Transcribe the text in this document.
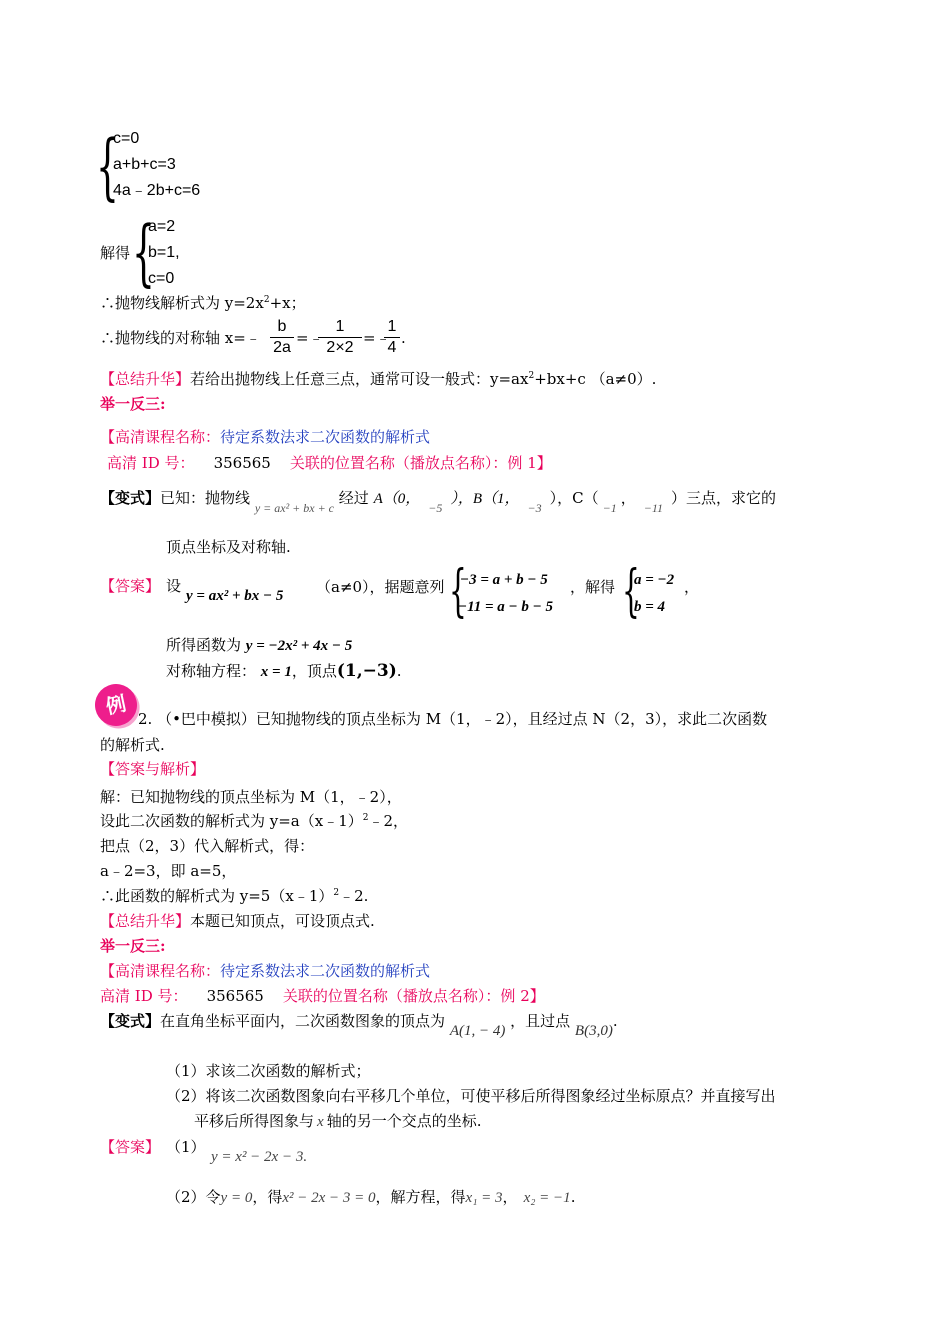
{
c=0
a+b+c=3
4a﹣2b+c=6
解得 {
a=2
b=1,
c=0
∴抛物线解析式为 $y=2x^2+x$；
∴抛物线的对称轴 x=﹣
b
2a
=﹣
1
2×2
=﹣
1
4
.
【总结升华】若给出抛物线上任意三点，通常可设一般式：$y=ax^2+bx+c$ （a≠0）.
举一反三:
【高清课程名称：待定系数法求二次函数的解析式
高清 ID 号： 356565 关联的位置名称（播放点名称）：例 1】
【变式】已知：抛物线 $_{y = ax^2 + bx + c}$ 经过 A（0，$_{-5}$），B（1，$_{-3}$），$C(_{-1}$，$_{-11}$）三点，求它的
顶点坐标及对称轴.
【答案】 设
y = ax² + bx − 5 （a≠0），据题意列 {
−3 = a + b − 5
−11 = a − b − 5
，解得 {
a = −2
b = 4
，
所得函数为 y = −2x² + 4x − 5
对称轴方程： x = 1，顶点(1,−3).
例
2. （•巴中模拟）已知抛物线的顶点坐标为 M（1，﹣2），且经过点 N（2，3），求此二次函数
的解析式.
【答案与解析】
解：已知抛物线的顶点坐标为 M（1，﹣2），
设此二次函数的解析式为 y=a（x﹣1）$^2$﹣2，
把点（2，3）代入解析式，得：
a﹣2=3，即 a=5，
∴此函数的解析式为 y=5（x﹣1）$^2$﹣2.
【总结升华】本题已知顶点，可设顶点式.
举一反三:
【高清课程名称：待定系数法求二次函数的解析式
高清 ID 号： 356565 关联的位置名称（播放点名称）：例 2】
【变式】在直角坐标平面内，二次函数图象的顶点为 A(1, − 4) ，且过点 B(3,0).
（1）求该二次函数的解析式；
（2）将该二次函数图象向右平移几个单位，可使平移后所得图象经过坐标原点？并直接写出
平移后所得图象与 x 轴的另一个交点的坐标.
【答案】 （1）
y = x² − 2x − 3.
（2）令y = 0，得x² − 2x − 3 = 0，解方程，得x₁ = 3， x₂ = −1.
